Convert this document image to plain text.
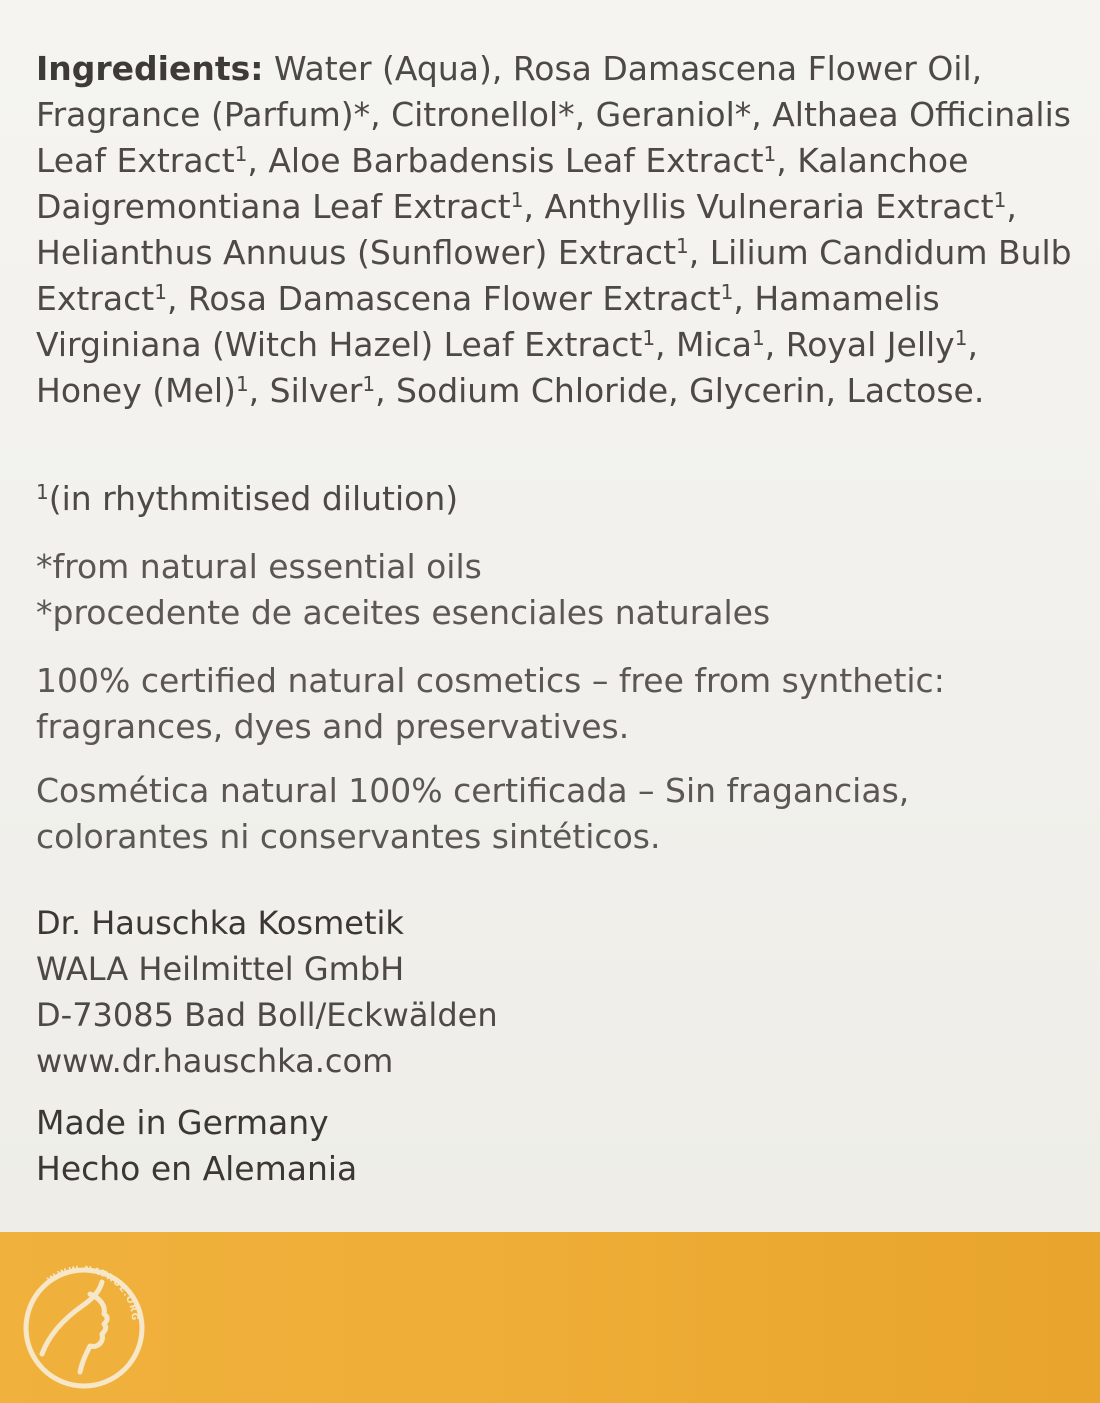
Ingredients: Water (Aqua), Rosa Damascena Flower Oil, Fragrance (Parfum)*, Citronellol*, Geraniol*, Althaea Officinalis Leaf Extract$^1$, Aloe Barbadensis Leaf Extract$^1$, Kalanchoe Daigremontiana Leaf Extract$^1$, Anthyllis Vulneraria Extract$^1$, Helianthus Annuus (Sunflower) Extract$^1$, Lilium Candidum Bulb Extract$^1$, Rosa Damascena Flower Extract$^1$, Hamamelis Virginiana (Witch Hazel) Leaf Extract$^1$, Mica$^1$, Royal Jelly$^1$, Honey (Mel)$^1$, Silver$^1$, Sodium Chloride, Glycerin, Lactose.

$^1$(in rhythmitised dilution)

*from natural essential oils
*procedente de aceites esenciales naturales
100% certified natural cosmetics – free from synthetic:
fragrances, dyes and preservatives.
Cosmética natural 100% certificada – Sin fragancias,
colorantes ni conservantes sintéticos.
Dr. Hauschka Kosmetik
WALA Heilmittel GmbH
D-73085 Bad Boll/Eckwälden
www.dr.hauschka.com
Made in Germany
Hecho en Alemania
WWW.NATRUE.ORG
